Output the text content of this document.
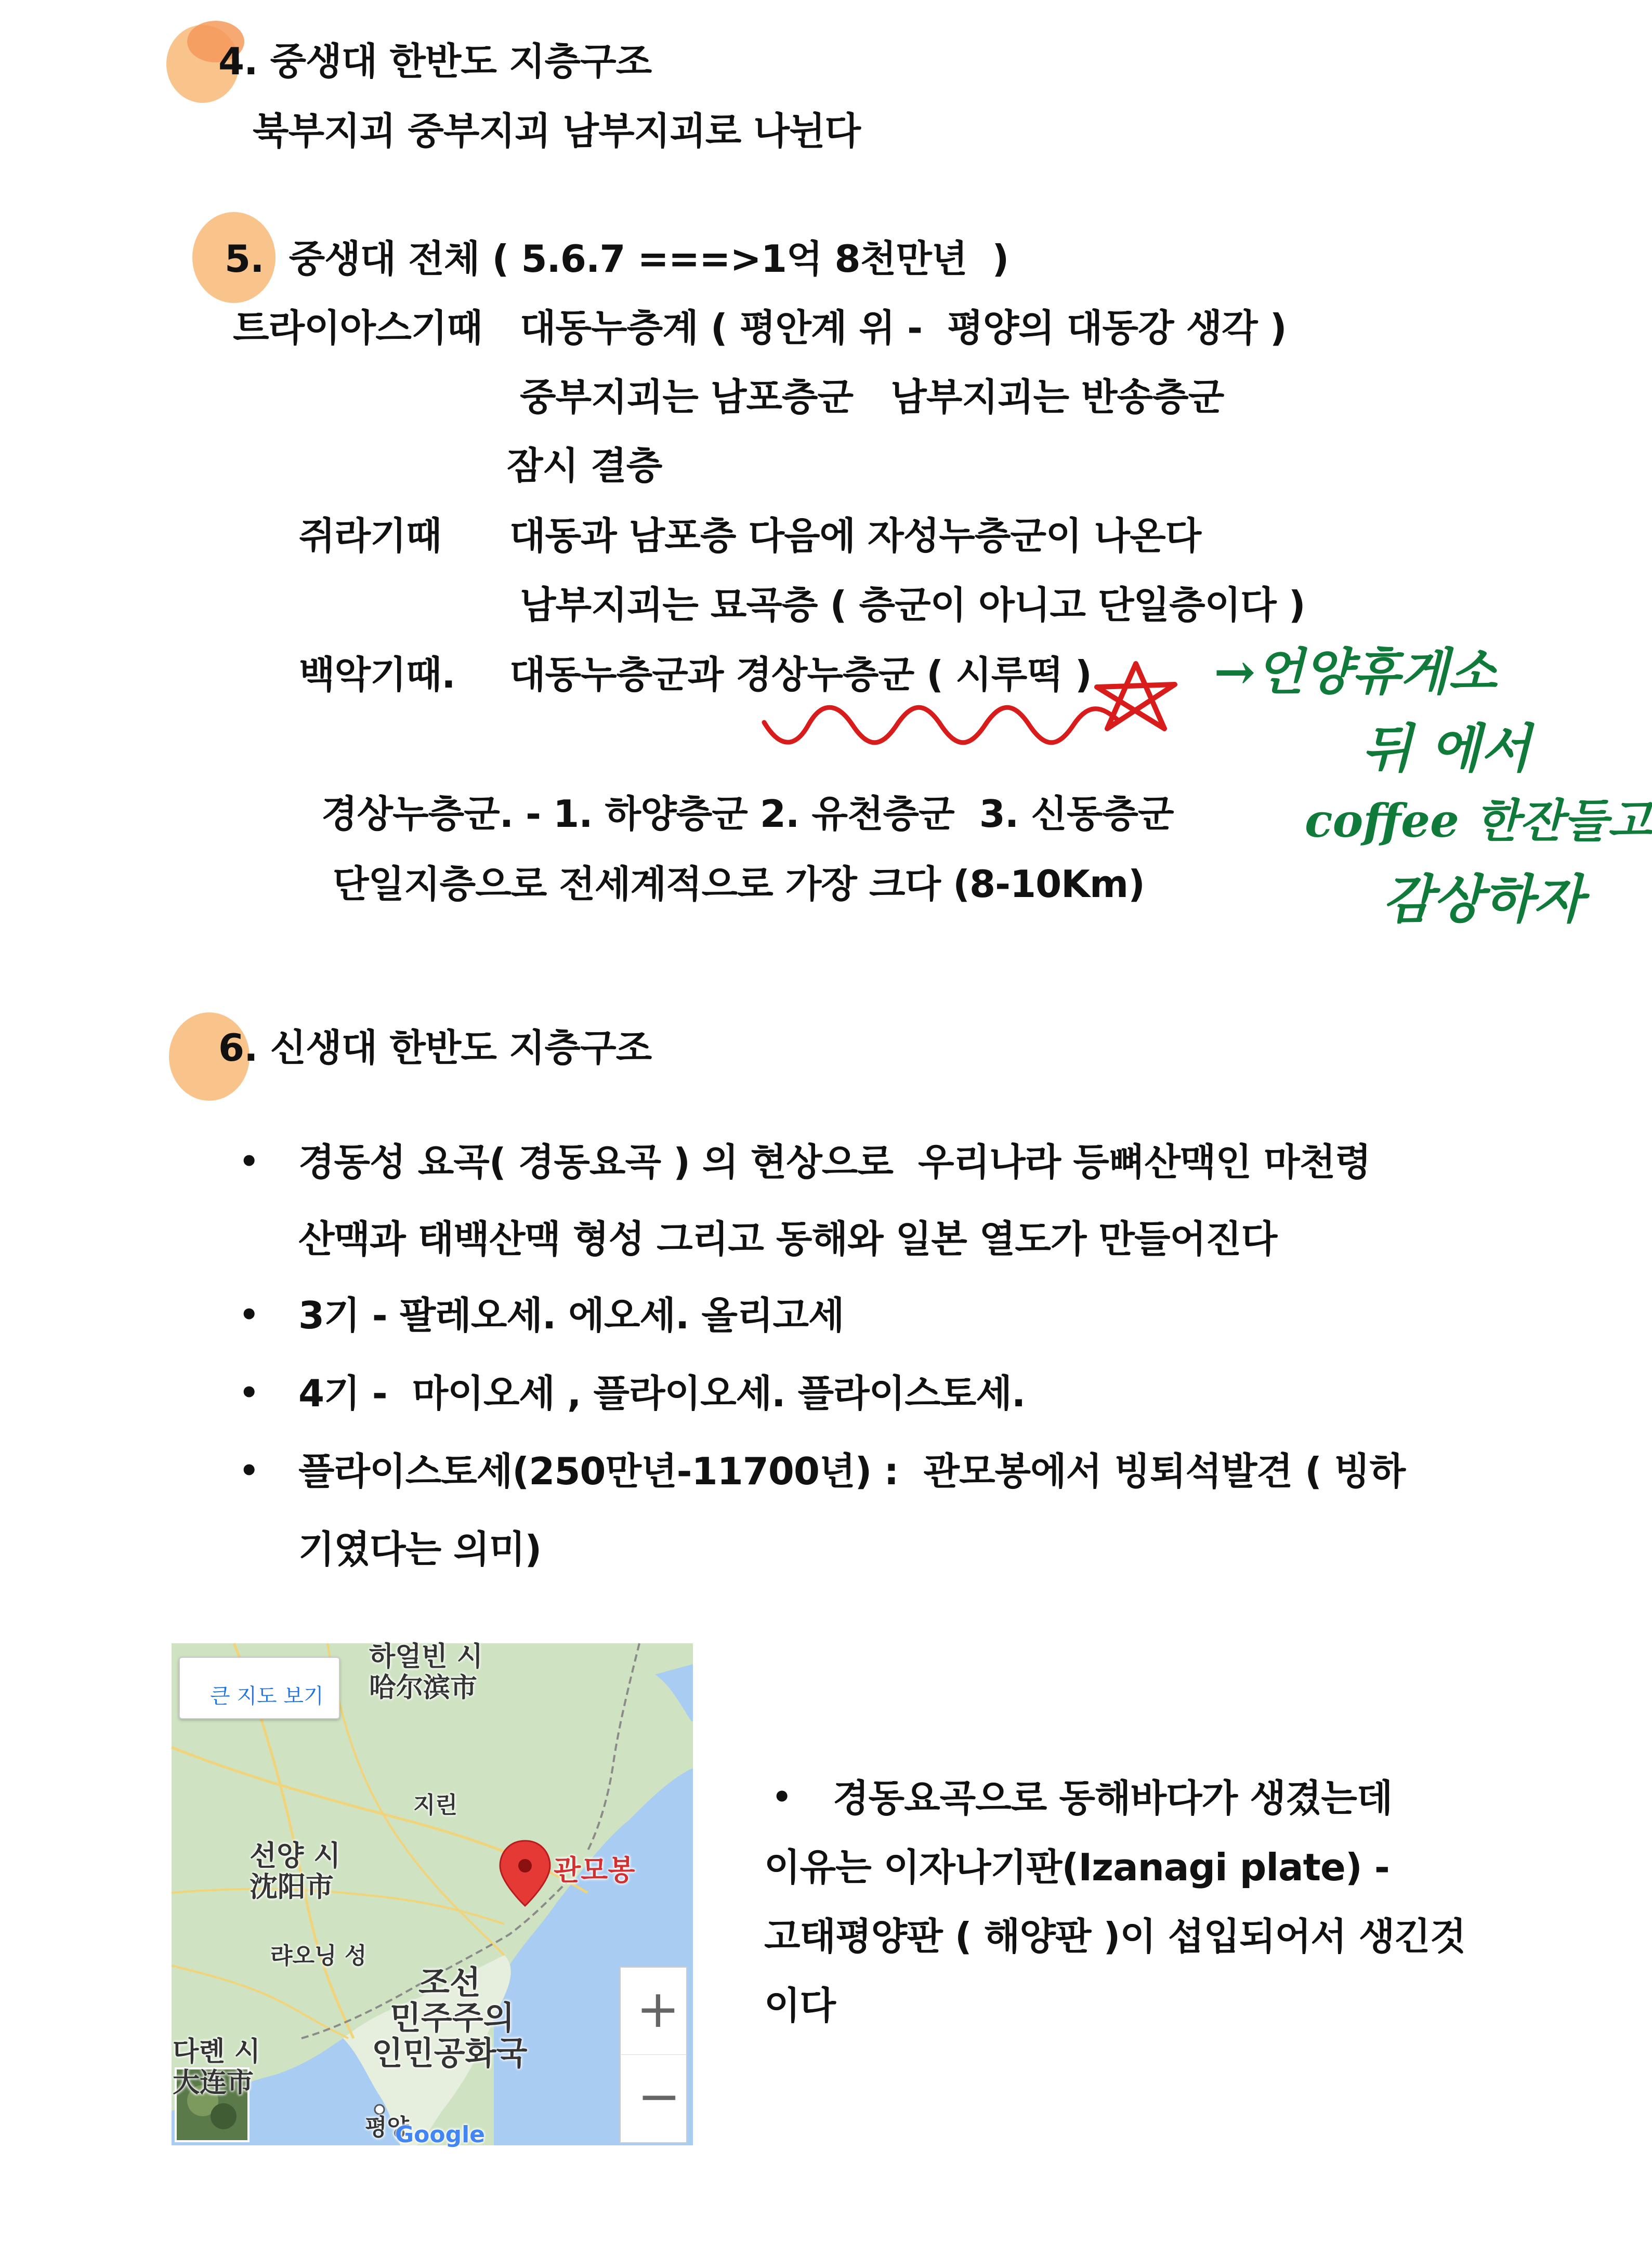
4. 중생대 한반도 지층구조
북부지괴 중부지괴 남부지괴로 나뉜다
5.  중생대 전체 ( 5.6.7 ===>1억 8천만년  )
트라이아스기때 대동누층계 ( 평안계 위 -  평양의 대동강 생각 )
중부지괴는 남포층군   남부지괴는 반송층군
잠시 결층
쥐라기때 대동과 남포층 다음에 자성누층군이 나온다
남부지괴는 묘곡층 ( 층군이 아니고 단일층이다 )
백악기때. 대동누층군과 경상누층군 ( 시루떡 ) →언양휴게소
뒤 에서
coffee 한잔들고
감상하자
경상누층군. - 1. 하양층군 2. 유천층군  3. 신동층군
단일지층으로 전세계적으로 가장 크다 (8-10Km)
6. 신생대 한반도 지층구조
• 경동성 요곡( 경동요곡 ) 의 현상으로  우리나라 등뼈산맥인 마천령
산맥과 태백산맥 형성 그리고 동해와 일본 열도가 만들어진다
• 3기 - 팔레오세. 에오세. 올리고세
• 4기 -  마이오세 , 플라이오세. 플라이스토세.
• 플라이스토세(250만년-11700년) :  관모봉에서 빙퇴석발견 ( 빙하
기였다는 의미)
큰 지도 보기
하얼빈 시
哈尔滨市
지린
선양 시
沈阳市
랴오닝 성
조선
민주주의
인민공화국
다롄 시
大连市
평양
관모봉
Google
+
−
• 경동요곡으로 동해바다가 생겼는데
이유는 이자나기판(Izanagi plate) -
고태평양판 ( 해양판 )이 섭입되어서 생긴것
이다
